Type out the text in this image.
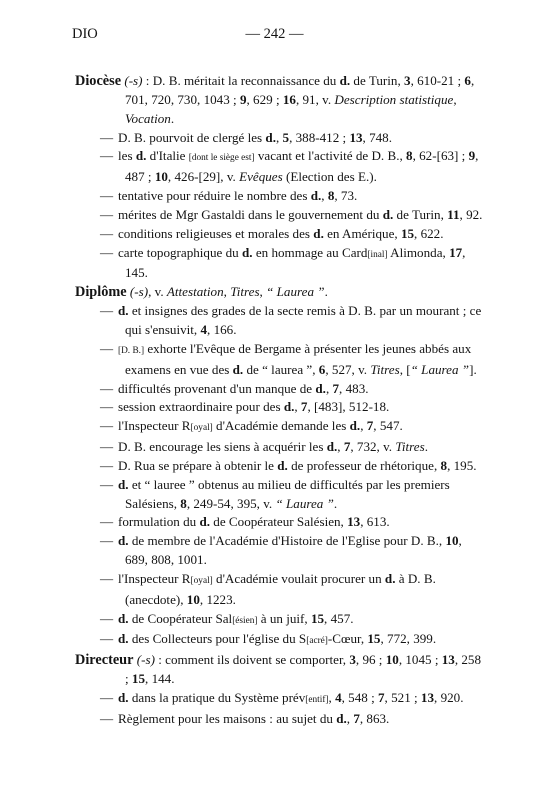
DIO	— 242 —
Diocèse (-s) : D. B. méritait la reconnaissance du d. de Turin, 3, 610-21 ; 6, 701, 720, 730, 1043 ; 9, 629 ; 16, 91, v. Description statistique, Vocation.
— D. B. pourvoit de clergé les d., 5, 388-412 ; 13, 748.
— les d. d'Italie [dont le siège est] vacant et l'activité de D. B., 8, 62-[63] ; 9, 487 ; 10, 426-[29], v. Evêques (Election des E.).
— tentative pour réduire le nombre des d., 8, 73.
— mérites de Mgr Gastaldi dans le gouvernement du d. de Turin, 11, 92.
— conditions religieuses et morales des d. en Amérique, 15, 622.
— carte topographique du d. en hommage au Card[inal] Alimonda, 17, 145.
Diplôme (-s), v. Attestation, Titres, “ Laurea ”.
— d. et insignes des grades de la secte remis à D. B. par un mourant ; ce qui s'ensuivit, 4, 166.
— [D. B.] exhorte l'Evêque de Bergame à présenter les jeunes abbés aux examens en vue des d. de “ laurea ”, 6, 527, v. Titres, [“ Laurea ”].
— difficultés provenant d'un manque de d., 7, 483.
— session extraordinaire pour des d., 7, [483], 512-18.
— l'Inspecteur R[oyal] d'Académie demande les d., 7, 547.
— D. B. encourage les siens à acquérir les d., 7, 732, v. Titres.
— D. Rua se prépare à obtenir le d. de professeur de rhétorique, 8, 195.
— d. et “ lauree ” obtenus au milieu de difficultés par les premiers Salésiens, 8, 249-54, 395, v. “ Laurea ”.
— formulation du d. de Coopérateur Salésien, 13, 613.
— d. de membre de l'Académie d'Histoire de l'Eglise pour D. B., 10, 689, 808, 1001.
— l'Inspecteur R[oyal] d'Académie voulait procurer un d. à D. B. (anecdote), 10, 1223.
— d. de Coopérateur Sal[ésien] à un juif, 15, 457.
— d. des Collecteurs pour l'église du S[acré]-Cœur, 15, 772, 399.
Directeur (-s) : comment ils doivent se comporter, 3, 96 ; 10, 1045 ; 13, 258 ; 15, 144.
— d. dans la pratique du Système prév[entif], 4, 548 ; 7, 521 ; 13, 920.
— Règlement pour les maisons : au sujet du d., 7, 863.
